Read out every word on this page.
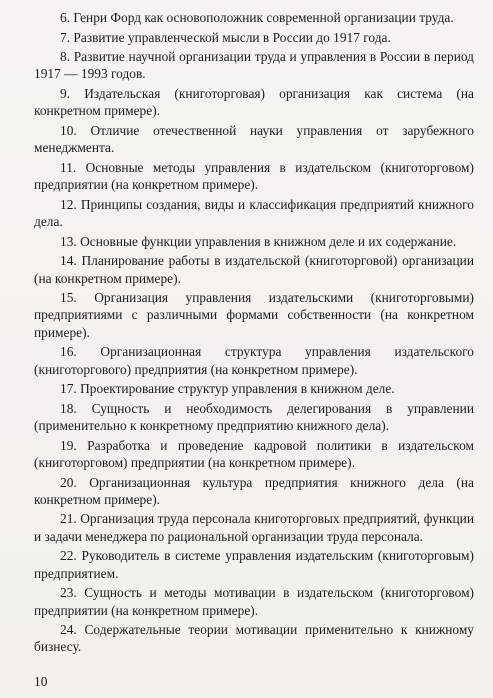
6. Генри Форд как основоположник современной организации труда.
7. Развитие управленческой мысли в России до 1917 года.
8. Развитие научной организации труда и управления в России в период 1917 — 1993 годов.
9. Издательская (книготорговая) организация как система (на конкретном примере).
10. Отличие отечественной науки управления от зарубежного менеджмента.
11. Основные методы управления в издательском (книготорговом) предприятии (на конкретном примере).
12. Принципы создания, виды и классификация предприятий книжного дела.
13. Основные функции управления в книжном деле и их содержание.
14. Планирование работы в издательской (книготорговой) организации (на конкретном примере).
15. Организация управления издательскими (книготорговыми) предприятиями с различными формами собственности (на конкретном примере).
16. Организационная структура управления издательского (книготоргового) предприятия (на конкретном примере).
17. Проектирование структур управления в книжном деле.
18. Сущность и необходимость делегирования в управлении (применительно к конкретному предприятию книжного дела).
19. Разработка и проведение кадровой политики в издательском (книготорговом) предприятии (на конкретном примере).
20. Организационная культура предприятия книжного дела (на конкретном примере).
21. Организация труда персонала книготорговых предприятий, функции и задачи менеджера по рациональной организации труда персонала.
22. Руководитель в системе управления издательским (книготорговым) предприятием.
23. Сущность и методы мотивации в издательском (книготорговом) предприятии (на конкретном примере).
24. Содержательные теории мотивации применительно к книжному бизнесу.
10
